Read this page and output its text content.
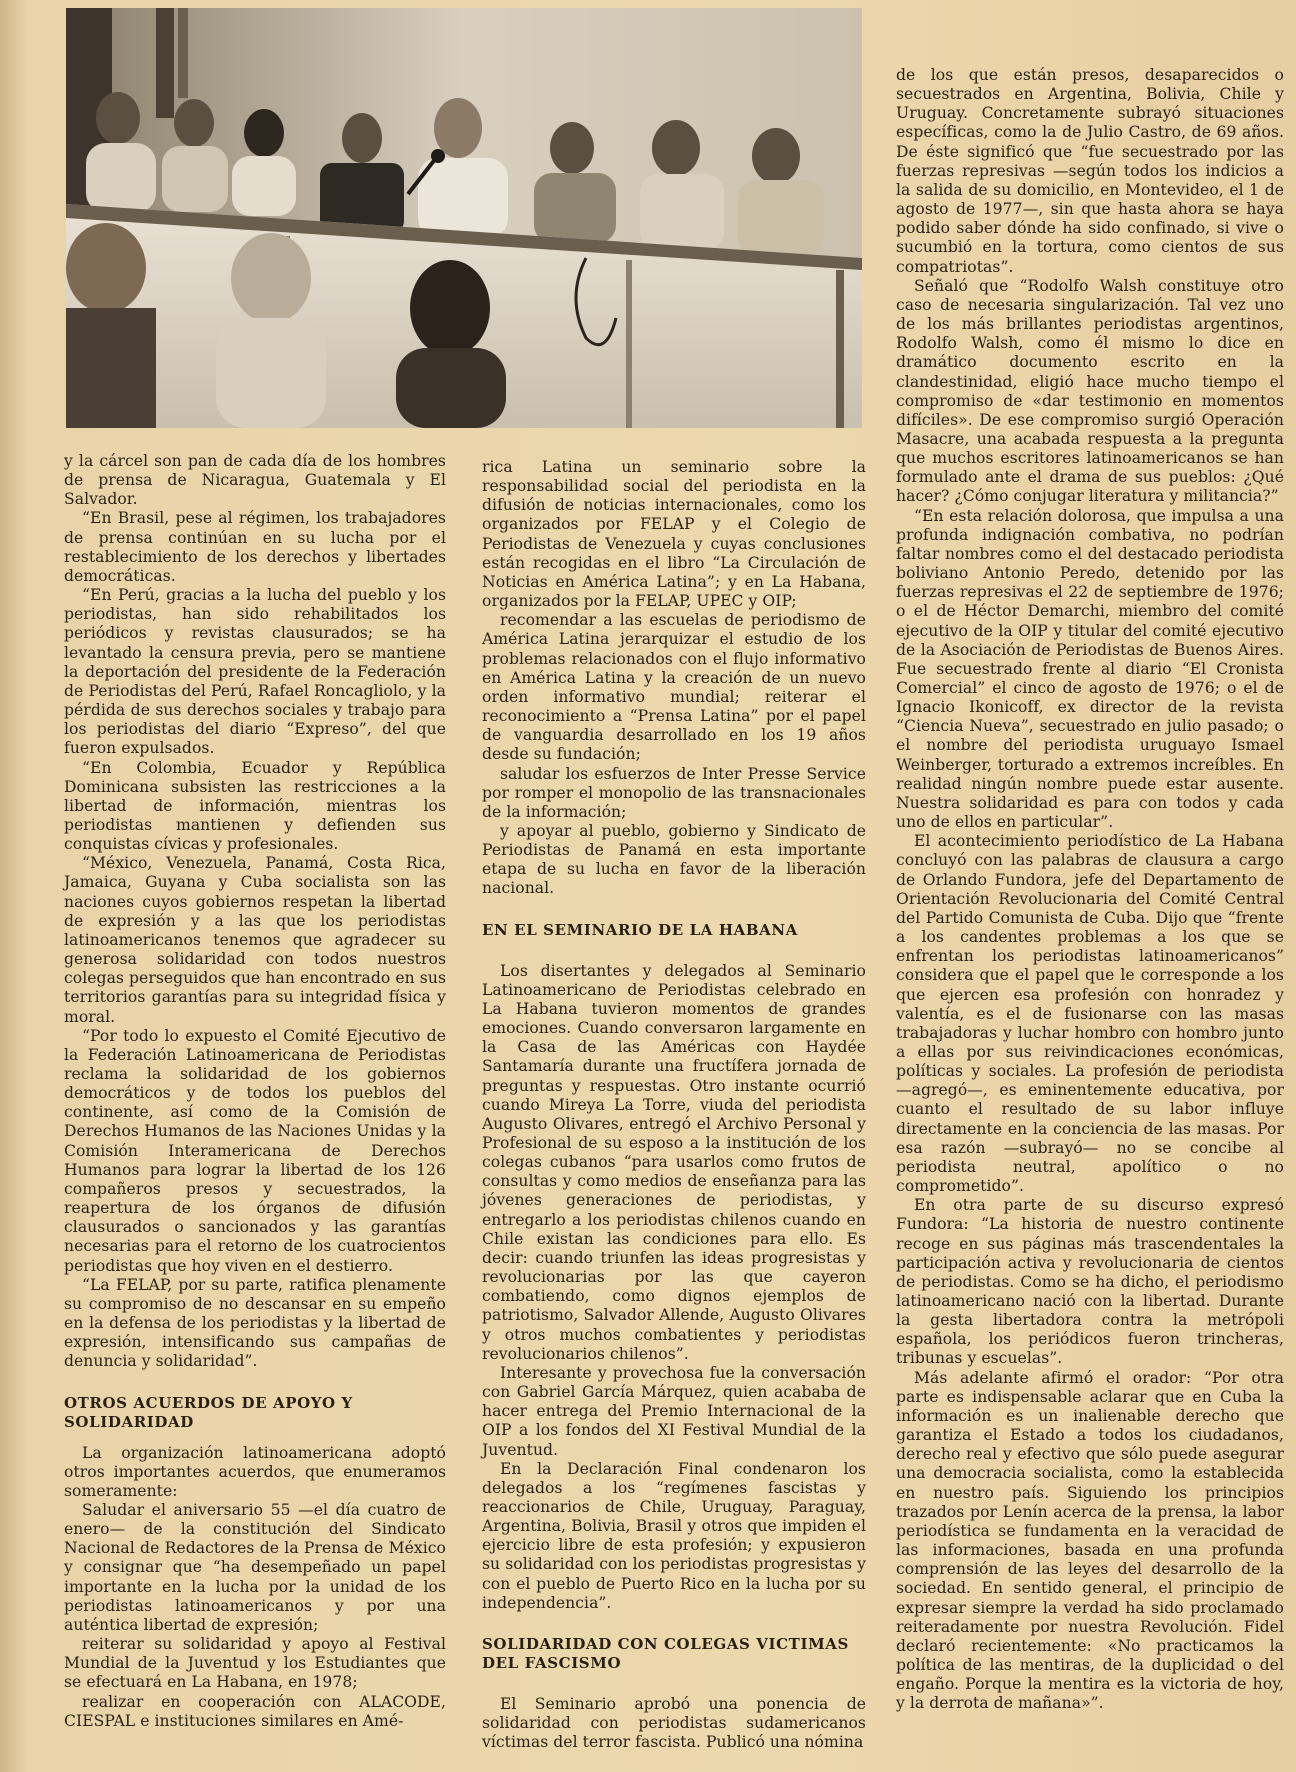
y la cárcel son pan de cada día de los hombres de prensa de Nicaragua, Guatemala y El Salvador.

“En Brasil, pese al régimen, los trabajadores de prensa continúan en su lucha por el restablecimiento de los derechos y libertades democráticas.

“En Perú, gracias a la lucha del pueblo y los periodistas, han sido rehabilitados los periódicos y revistas clausurados; se ha levantado la censura previa, pero se mantiene la deportación del presidente de la Federación de Periodistas del Perú, Rafael Roncagliolo, y la pérdida de sus derechos sociales y trabajo para los periodistas del diario “Expreso”, del que fueron expulsados.

“En Colombia, Ecuador y República Dominicana subsisten las restricciones a la libertad de información, mientras los periodistas mantienen y defienden sus conquistas cívicas y profesionales.

“México, Venezuela, Panamá, Costa Rica, Jamaica, Guyana y Cuba socialista son las naciones cuyos gobiernos respetan la libertad de expresión y a las que los periodistas latinoamericanos tenemos que agradecer su generosa solidaridad con todos nuestros colegas perseguidos que han encontrado en sus territorios garantías para su integridad física y moral.

“Por todo lo expuesto el Comité Ejecutivo de la Federación Latinoamericana de Periodistas reclama la solidaridad de los gobiernos democráticos y de todos los pueblos del continente, así como de la Comisión de Derechos Humanos de las Naciones Unidas y la Comisión Interamericana de Derechos Humanos para lograr la libertad de los 126 compañeros presos y secuestrados, la reapertura de los órganos de difusión clausurados o sancionados y las garantías necesarias para el retorno de los cuatrocientos periodistas que hoy viven en el destierro.

“La FELAP, por su parte, ratifica plenamente su compromiso de no descansar en su empeño en la defensa de los periodistas y la libertad de expresión, intensificando sus campañas de denuncia y solidaridad”.

OTROS ACUERDOS DE APOYO Y SOLIDARIDAD

La organización latinoamericana adoptó otros importantes acuerdos, que enumeramos someramente:

Saludar el aniversario 55 —el día cuatro de enero— de la constitución del Sindicato Nacional de Redactores de la Prensa de México y consignar que “ha desempeñado un papel importante en la lucha por la unidad de los periodistas latinoamericanos y por una auténtica libertad de expresión;

reiterar su solidaridad y apoyo al Festival Mundial de la Juventud y los Estudiantes que se efectuará en La Habana, en 1978;

realizar en cooperación con ALACODE, CIESPAL e instituciones similares en Amé-

rica Latina un seminario sobre la responsabilidad social del periodista en la difusión de noticias internacionales, como los organizados por FELAP y el Colegio de Periodistas de Venezuela y cuyas conclusiones están recogidas en el libro “La Circulación de Noticias en América Latina”; y en La Habana, organizados por la FELAP, UPEC y OIP;

recomendar a las escuelas de periodismo de América Latina jerarquizar el estudio de los problemas relacionados con el flujo informativo en América Latina y la creación de un nuevo orden informativo mundial; reiterar el reconocimiento a “Prensa Latina” por el papel de vanguardia desarrollado en los 19 años desde su fundación;

saludar los esfuerzos de Inter Presse Service por romper el monopolio de las transnacionales de la información;

y apoyar al pueblo, gobierno y Sindicato de Periodistas de Panamá en esta importante etapa de su lucha en favor de la liberación nacional.

EN EL SEMINARIO DE LA HABANA

Los disertantes y delegados al Seminario Latinoamericano de Periodistas celebrado en La Habana tuvieron momentos de grandes emociones. Cuando conversaron largamente en la Casa de las Américas con Haydée Santamaría durante una fructífera jornada de preguntas y respuestas. Otro instante ocurrió cuando Mireya La Torre, viuda del periodista Augusto Olivares, entregó el Archivo Personal y Profesional de su esposo a la institución de los colegas cubanos “para usarlos como frutos de consultas y como medios de enseñanza para las jóvenes generaciones de periodistas, y entregarlo a los periodistas chilenos cuando en Chile existan las condiciones para ello. Es decir: cuando triunfen las ideas progresistas y revolucionarias por las que cayeron combatiendo, como dignos ejemplos de patriotismo, Salvador Allende, Augusto Olivares y otros muchos combatientes y periodistas revolucionarios chilenos”.

Interesante y provechosa fue la conversación con Gabriel García Márquez, quien acababa de hacer entrega del Premio Internacional de la OIP a los fondos del XI Festival Mundial de la Juventud.

En la Declaración Final condenaron los delegados a los “regímenes fascistas y reaccionarios de Chile, Uruguay, Paraguay, Argentina, Bolivia, Brasil y otros que impiden el ejercicio libre de esta profesión; y expusieron su solidaridad con los periodistas progresistas y con el pueblo de Puerto Rico en la lucha por su independencia”.

SOLIDARIDAD CON COLEGAS VICTIMAS DEL FASCISMO

El Seminario aprobó una ponencia de solidaridad con periodistas sudamericanos víctimas del terror fascista. Publicó una nómina

de los que están presos, desaparecidos o secuestrados en Argentina, Bolivia, Chile y Uruguay. Concretamente subrayó situaciones específicas, como la de Julio Castro, de 69 años. De éste significó que “fue secuestrado por las fuerzas represivas —según todos los indicios a la salida de su domicilio, en Montevideo, el 1 de agosto de 1977—, sin que hasta ahora se haya podido saber dónde ha sido confinado, si vive o sucumbió en la tortura, como cientos de sus compatriotas”.

Señaló que “Rodolfo Walsh constituye otro caso de necesaria singularización. Tal vez uno de los más brillantes periodistas argentinos, Rodolfo Walsh, como él mismo lo dice en dramático documento escrito en la clandestinidad, eligió hace mucho tiempo el compromiso de «dar testimonio en momentos difíciles». De ese compromiso surgió Operación Masacre, una acabada respuesta a la pregunta que muchos escritores latinoamericanos se han formulado ante el drama de sus pueblos: ¿Qué hacer? ¿Cómo conjugar literatura y militancia?”

“En esta relación dolorosa, que impulsa a una profunda indignación combativa, no podrían faltar nombres como el del destacado periodista boliviano Antonio Peredo, detenido por las fuerzas represivas el 22 de septiembre de 1976; o el de Héctor Demarchi, miembro del comité ejecutivo de la OIP y titular del comité ejecutivo de la Asociación de Periodistas de Buenos Aires. Fue secuestrado frente al diario “El Cronista Comercial” el cinco de agosto de 1976; o el de Ignacio Ikonicoff, ex director de la revista “Ciencia Nueva”, secuestrado en julio pasado; o el nombre del periodista uruguayo Ismael Weinberger, torturado a extremos increíbles. En realidad ningún nombre puede estar ausente. Nuestra solidaridad es para con todos y cada uno de ellos en particular”.

El acontecimiento periodístico de La Habana concluyó con las palabras de clausura a cargo de Orlando Fundora, jefe del Departamento de Orientación Revolucionaria del Comité Central del Partido Comunista de Cuba. Dijo que “frente a los candentes problemas a los que se enfrentan los periodistas latinoamericanos” considera que el papel que le corresponde a los que ejercen esa profesión con honradez y valentía, es el de fusionarse con las masas trabajadoras y luchar hombro con hombro junto a ellas por sus reivindicaciones económicas, políticas y sociales. La profesión de periodista —agregó—, es eminentemente educativa, por cuanto el resultado de su labor influye directamente en la conciencia de las masas. Por esa razón —subrayó— no se concibe al periodista neutral, apolítico o no comprometido”.

En otra parte de su discurso expresó Fundora: “La historia de nuestro continente recoge en sus páginas más trascendentales la participación activa y revolucionaria de cientos de periodistas. Como se ha dicho, el periodismo latinoamericano nació con la libertad. Durante la gesta libertadora contra la metrópoli española, los periódicos fueron trincheras, tribunas y escuelas”.

Más adelante afirmó el orador: “Por otra parte es indispensable aclarar que en Cuba la información es un inalienable derecho que garantiza el Estado a todos los ciudadanos, derecho real y efectivo que sólo puede asegurar una democracia socialista, como la establecida en nuestro país. Siguiendo los principios trazados por Lenín acerca de la prensa, la labor periodística se fundamenta en la veracidad de las informaciones, basada en una profunda comprensión de las leyes del desarrollo de la sociedad. En sentido general, el principio de expresar siempre la verdad ha sido proclamado reiteradamente por nuestra Revolución. Fidel declaró recientemente: «No practicamos la política de las mentiras, de la duplicidad o del engaño. Porque la mentira es la victoria de hoy, y la derrota de mañana»”.
